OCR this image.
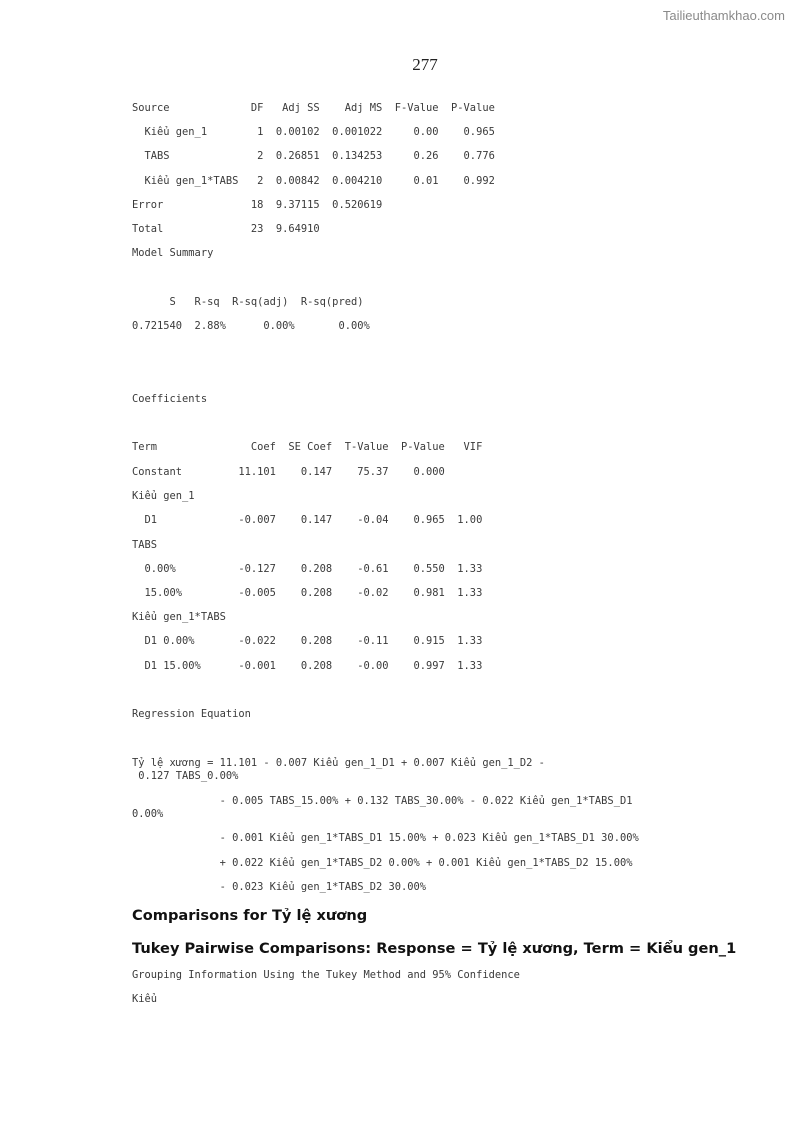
Tailieuthamkhao.com
277
Source             DF   Adj SS    Adj MS  F-Value  P-Value
Kiểu gen_1        1  0.00102  0.001022     0.00    0.965
TABS              2  0.26851  0.134253     0.26    0.776
Kiểu gen_1*TABS   2  0.00842  0.004210     0.01    0.992
Error              18  9.37115  0.520619
Total              23  9.64910
Model Summary
S   R-sq  R-sq(adj)  R-sq(pred)
0.721540  2.88%      0.00%       0.00%
Coefficients
Term               Coef  SE Coef  T-Value  P-Value   VIF
Constant         11.101    0.147    75.37    0.000
Kiểu gen_1
D1             -0.007    0.147    -0.04    0.965  1.00
TABS
0.00%          -0.127    0.208    -0.61    0.550  1.33
15.00%         -0.005    0.208    -0.02    0.981  1.33
Kiểu gen_1*TABS
D1 0.00%       -0.022    0.208    -0.11    0.915  1.33
D1 15.00%      -0.001    0.208    -0.00    0.997  1.33
Regression Equation
Tỷ lệ xương = 11.101 - 0.007 Kiểu gen_1_D1 + 0.007 Kiểu gen_1_D2 -
0.127 TABS_0.00%
- 0.005 TABS_15.00% + 0.132 TABS_30.00% - 0.022 Kiểu gen_1*TABS_D1
0.00%
- 0.001 Kiểu gen_1*TABS_D1 15.00% + 0.023 Kiểu gen_1*TABS_D1 30.00%
+ 0.022 Kiểu gen_1*TABS_D2 0.00% + 0.001 Kiểu gen_1*TABS_D2 15.00%
- 0.023 Kiểu gen_1*TABS_D2 30.00%
Comparisons for Tỷ lệ xương
Tukey Pairwise Comparisons: Response = Tỷ lệ xương, Term = Kiểu gen_1
Grouping Information Using the Tukey Method and 95% Confidence
Kiểu
